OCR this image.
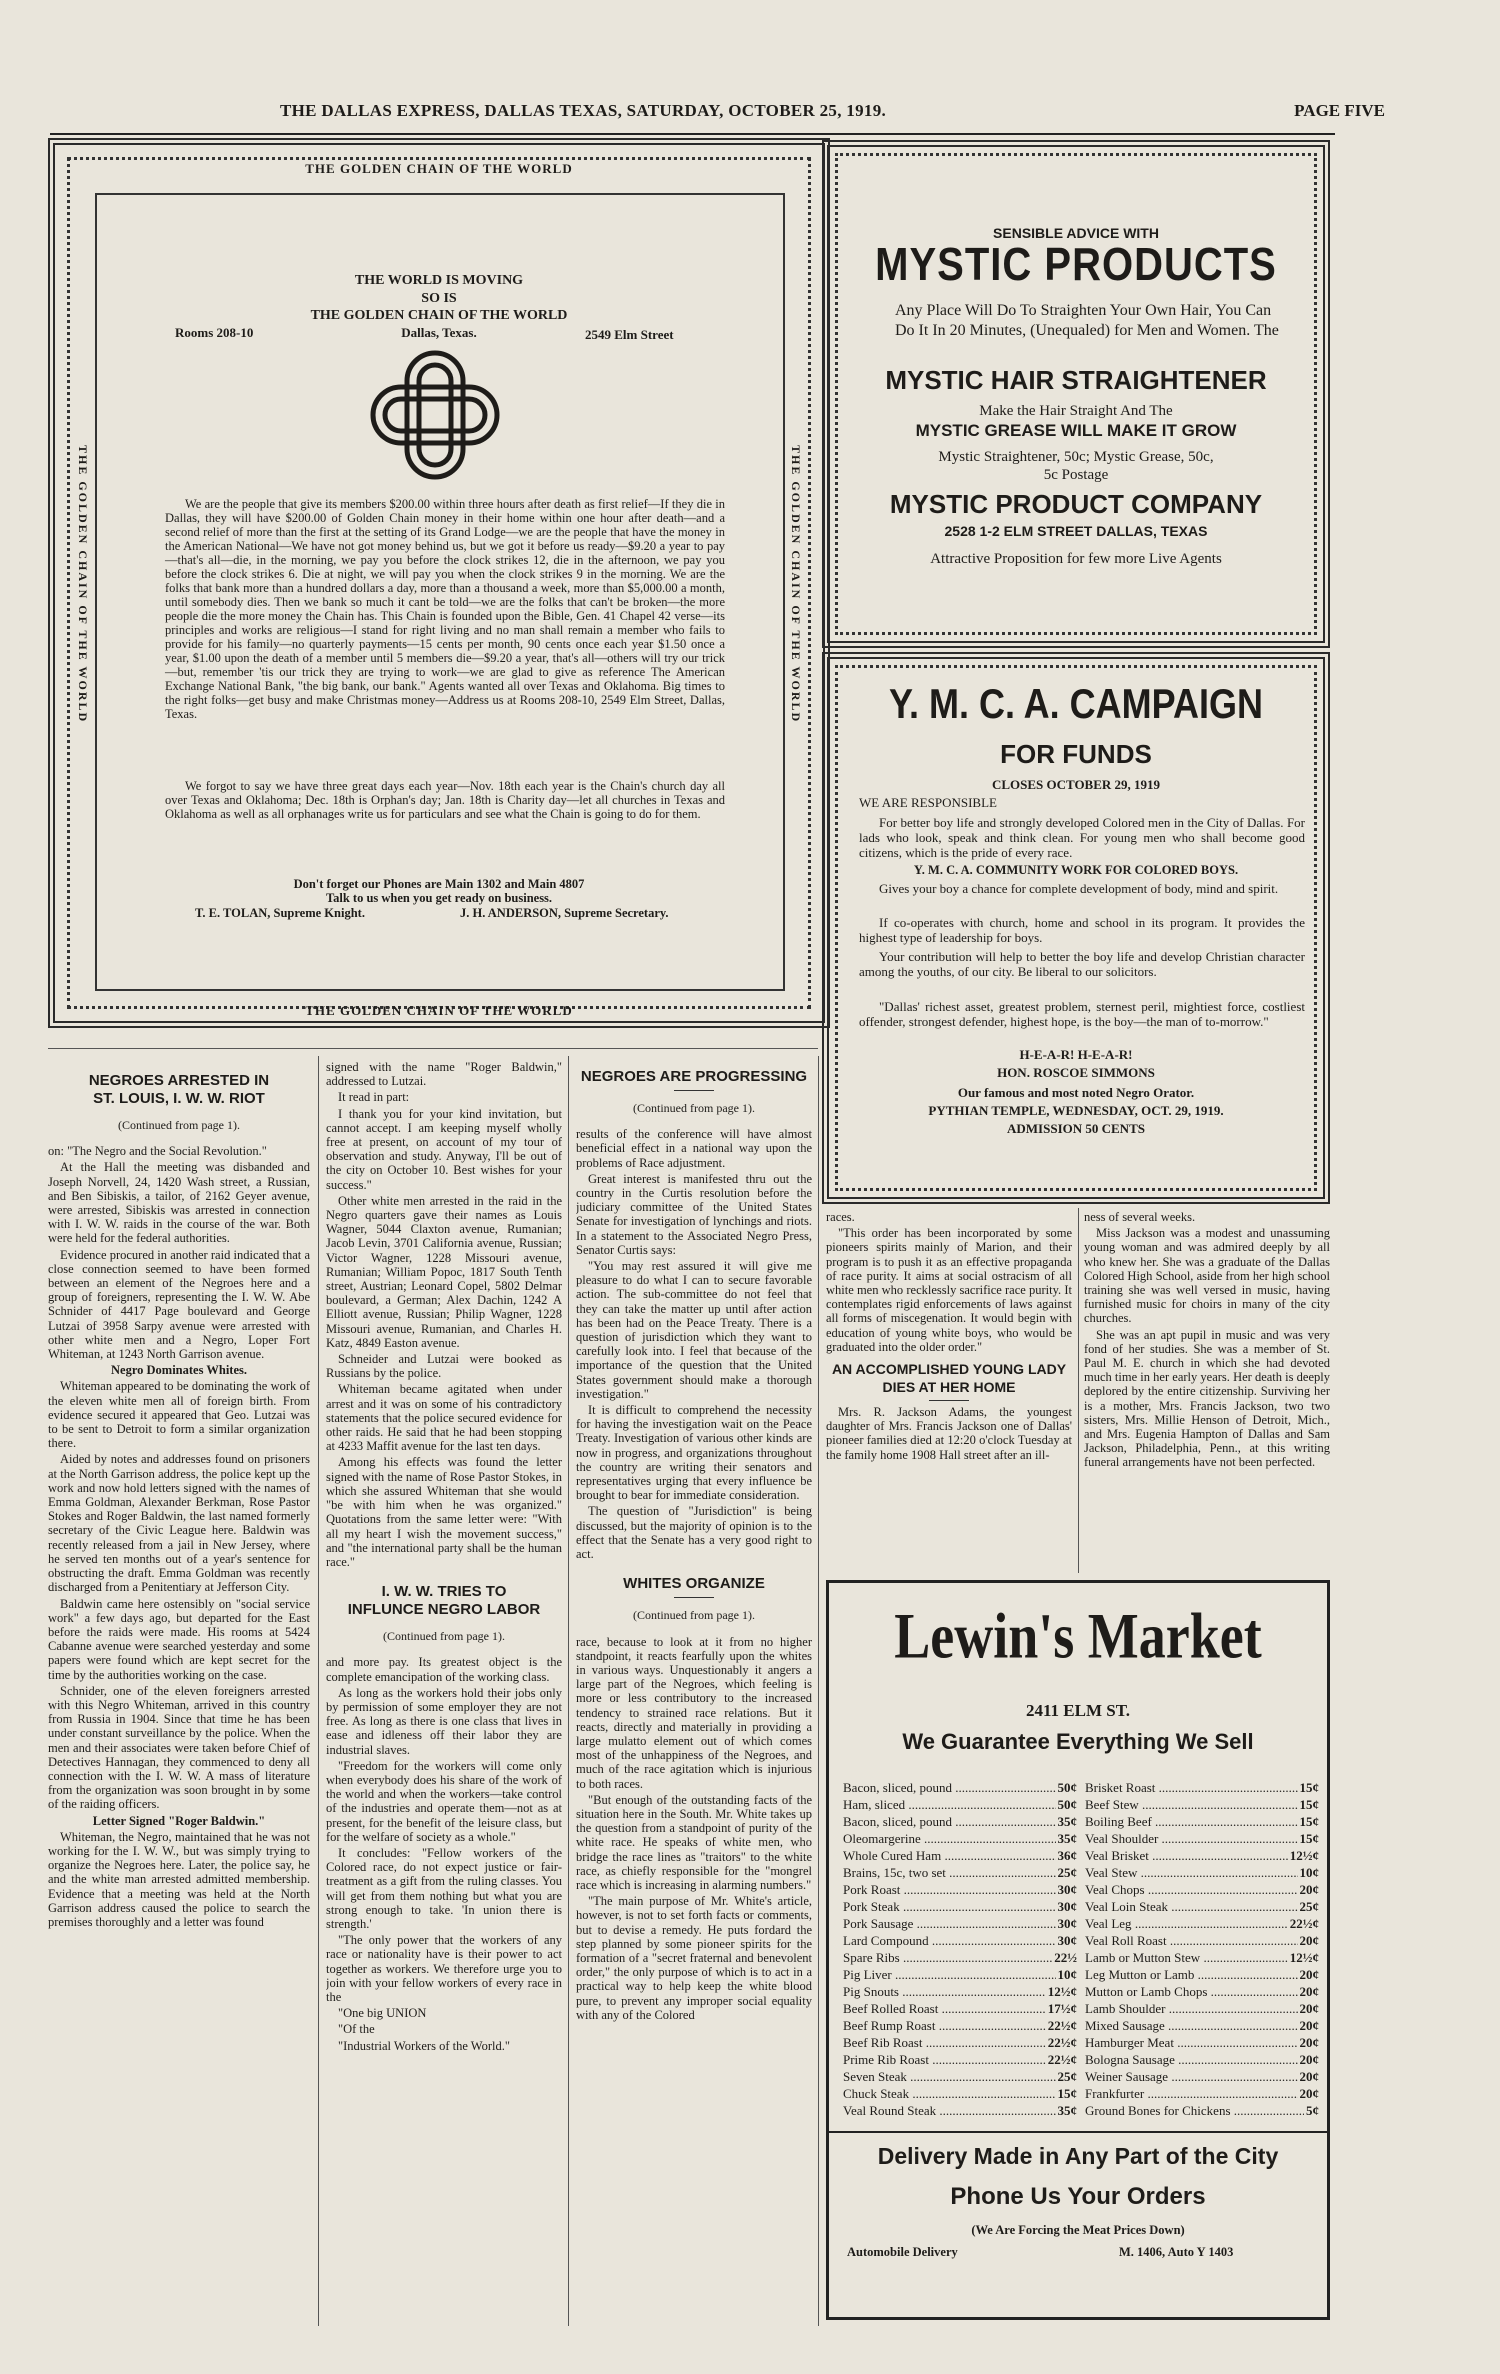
THE DALLAS EXPRESS, DALLAS TEXAS, SATURDAY, OCTOBER 25, 1919.	PAGE FIVE
THE GOLDEN CHAIN OF THE WORLD
THE GOLDEN CHAIN OF THE WORLD
THE GOLDEN CHAIN OF THE WORLD	THE GOLDEN CHAIN OF THE WORLD
THE WORLD IS MOVING
SO IS
THE GOLDEN CHAIN OF THE WORLD
Rooms 208-10	Dallas, Texas.	2549 Elm Street
We are the people that give its members $200.00 within three hours after death as first relief—If they die in Dallas, they will have $200.00 of Golden Chain money in their home within one hour after death—and a second relief of more than the first at the setting of its Grand Lodge—we are the people that have the money in the American National—We have not got money behind us, but we got it before us ready—$9.20 a year to pay—that's all—die, in the morning, we pay you before the clock strikes 12, die in the afternoon, we pay you before the clock strikes 6. Die at night, we will pay you when the clock strikes 9 in the morning. We are the folks that bank more than a hundred dollars a day, more than a thousand a week, more than $5,000.00 a month, until somebody dies. Then we bank so much it cant be told—we are the folks that can't be broken—the more people die the more money the Chain has. This Chain is founded upon the Bible, Gen. 41 Chapel 42 verse—its principles and works are religious—I stand for right living and no man shall remain a member who fails to provide for his family—no quarterly payments—15 cents per month, 90 cents once each year $1.50 once a year, $1.00 upon the death of a member until 5 members die—$9.20 a year, that's all—others will try our trick—but, remember 'tis our trick they are trying to work—we are glad to give as reference The American Exchange National Bank, "the big bank, our bank." Agents wanted all over Texas and Oklahoma. Big times to the right folks—get busy and make Christmas money—Address us at Rooms 208-10, 2549 Elm Street, Dallas, Texas.
We forgot to say we have three great days each year—Nov. 18th each year is the Chain's church day all over Texas and Oklahoma; Dec. 18th is Orphan's day; Jan. 18th is Charity day—let all churches in Texas and Oklahoma as well as all orphanages write us for particulars and see what the Chain is going to do for them.
Don't forget our Phones are Main 1302 and Main 4807
Talk to us when you get ready on business.
T. E. TOLAN, Supreme Knight.	J. H. ANDERSON, Supreme Secretary.
SENSIBLE ADVICE WITH
MYSTIC PRODUCTS
Any Place Will Do To Straighten Your Own Hair, You Can Do It In 20 Minutes, (Unequaled) for Men and Women. The
MYSTIC HAIR STRAIGHTENER
Make the Hair Straight And The
MYSTIC GREASE WILL MAKE IT GROW
Mystic Straightener, 50c; Mystic Grease, 50c,
5c Postage
MYSTIC PRODUCT COMPANY
2528 1-2 ELM STREET DALLAS, TEXAS
Attractive Proposition for few more Live Agents
Y. M. C. A. CAMPAIGN
FOR FUNDS
CLOSES OCTOBER 29, 1919
WE ARE RESPONSIBLE
For better boy life and strongly developed Colored men in the City of Dallas. For lads who look, speak and think clean. For young men who shall become good citizens, which is the pride of every race.
Y. M. C. A. COMMUNITY WORK FOR COLORED BOYS.
Gives your boy a chance for complete development of body, mind and spirit.
If co-operates with church, home and school in its program. It provides the highest type of leadership for boys.
Your contribution will help to better the boy life and develop Christian character among the youths, of our city. Be liberal to our solicitors.
"Dallas' richest asset, greatest problem, sternest peril, mightiest force, costliest offender, strongest defender, highest hope, is the boy—the man of to-morrow."
H-E-A-R! H-E-A-R!
HON. ROSCOE SIMMONS
Our famous and most noted Negro Orator.
PYTHIAN TEMPLE, WEDNESDAY, OCT. 29, 1919.
ADMISSION 50 CENTS
NEGROES ARRESTED IN
ST. LOUIS, I. W. W. RIOT
(Continued from page 1).

on: "The Negro and the Social Revolution."

At the Hall the meeting was disbanded and Joseph Norvell, 24, 1420 Wash street, a Russian, and Ben Sibiskis, a tailor, of 2162 Geyer avenue, were arrested, Sibiskis was arrested in connection with I. W. W. raids in the course of the war. Both were held for the federal authorities.

Evidence procured in another raid indicated that a close connection seemed to have been formed between an element of the Negroes here and a group of foreigners, representing the I. W. W. Abe Schnider of 4417 Page boulevard and George Lutzai of 3958 Sarpy avenue were arrested with other white men and a Negro, Loper Fort Whiteman, at 1243 North Garrison avenue.

Negro Dominates Whites.

Whiteman appeared to be dominating the work of the eleven white men all of foreign birth. From evidence secured it appeared that Geo. Lutzai was to be sent to Detroit to form a similar organization there.

Aided by notes and addresses found on prisoners at the North Garrison address, the police kept up the work and now hold letters signed with the names of Emma Goldman, Alexander Berkman, Rose Pastor Stokes and Roger Baldwin, the last named formerly secretary of the Civic League here. Baldwin was recently released from a jail in New Jersey, where he served ten months out of a year's sentence for obstructing the draft. Emma Goldman was recently discharged from a Penitentiary at Jefferson City.

Baldwin came here ostensibly on "social service work" a few days ago, but departed for the East before the raids were made. His rooms at 5424 Cabanne avenue were searched yesterday and some papers were found which are kept secret for the time by the authorities working on the case.

Schnider, one of the eleven foreigners arrested with this Negro Whiteman, arrived in this country from Russia in 1904. Since that time he has been under constant surveillance by the police. When the men and their associates were taken before Chief of Detectives Hannagan, they commenced to deny all connection with the I. W. W. A mass of literature from the organization was soon brought in by some of the raiding officers.

Letter Signed "Roger Baldwin."

Whiteman, the Negro, maintained that he was not working for the I. W. W., but was simply trying to organize the Negroes here. Later, the police say, he and the white man arrested admitted membership. Evidence that a meeting was held at the North Garrison address caused the police to search the premises thoroughly and a letter was found

signed with the name "Roger Baldwin," addressed to Lutzai.

It read in part:

I thank you for your kind invitation, but cannot accept. I am keeping myself wholly free at present, on account of my tour of observation and study. Anyway, I'll be out of the city on October 10. Best wishes for your success."

Other white men arrested in the raid in the Negro quarters gave their names as Louis Wagner, 5044 Claxton avenue, Rumanian; Jacob Levin, 3701 California avenue, Russian; Victor Wagner, 1228 Missouri avenue, Rumanian; William Popoc, 1817 South Tenth street, Austrian; Leonard Copel, 5802 Delmar boulevard, a German; Alex Dachin, 1242 A Elliott avenue, Russian; Philip Wagner, 1228 Missouri avenue, Rumanian, and Charles H. Katz, 4849 Easton avenue.

Schneider and Lutzai were booked as Russians by the police.

Whiteman became agitated when under arrest and it was on some of his contradictory statements that the police secured evidence for other raids. He said that he had been stopping at 4233 Maffit avenue for the last ten days.

Among his effects was found the letter signed with the name of Rose Pastor Stokes, in which she assured Whiteman that she would "be with him when he was organized." Quotations from the same letter were: "With all my heart I wish the movement success," and "the international party shall be the human race."

I. W. W. TRIES TO
INFLUNCE NEGRO LABOR
(Continued from page 1).

and more pay. Its greatest object is the complete emancipation of the working class.

As long as the workers hold their jobs only by permission of some employer they are not free. As long as there is one class that lives in ease and idleness off their labor they are industrial slaves.

"Freedom for the workers will come only when everybody does his share of the work of the world and when the workers—take control of the industries and operate them—not as at present, for the benefit of the leisure class, but for the welfare of society as a whole."

It concludes: "Fellow workers of the Colored race, do not expect justice or fair-treatment as a gift from the ruling classes. You will get from them nothing but what you are strong enough to take. 'In union there is strength.'

"The only power that the workers of any race or nationality have is their power to act together as workers. We therefore urge you to join with your fellow workers of every race in the

"One big UNION

"Of the

"Industrial Workers of the World."

NEGROES ARE PROGRESSING
(Continued from page 1).

results of the conference will have almost beneficial effect in a national way upon the problems of Race adjustment.

Great interest is manifested thru out the country in the Curtis resolution before the judiciary committee of the United States Senate for investigation of lynchings and riots. In a statement to the Associated Negro Press, Senator Curtis says:

"You may rest assured it will give me pleasure to do what I can to secure favorable action. The sub-committee do not feel that they can take the matter up until after action has been had on the Peace Treaty. There is a question of jurisdiction which they want to carefully look into. I feel that because of the importance of the question that the United States government should make a thorough investigation."

It is difficult to comprehend the necessity for having the investigation wait on the Peace Treaty. Investigation of various other kinds are now in progress, and organizations throughout the country are writing their senators and representatives urging that every influence be brought to bear for immediate consideration.

The question of "Jurisdiction" is being discussed, but the majority of opinion is to the effect that the Senate has a very good right to act.

WHITES ORGANIZE
(Continued from page 1).

race, because to look at it from no higher standpoint, it reacts fearfully upon the whites in various ways. Unquestionably it angers a large part of the Negroes, which feeling is more or less contributory to the increased tendency to strained race relations. But it reacts, directly and materially in providing a large mulatto element out of which comes most of the unhappiness of the Negroes, and much of the race agitation which is injurious to both races.

"But enough of the outstanding facts of the situation here in the South. Mr. White takes up the question from a standpoint of purity of the white race. He speaks of white men, who bridge the race lines as "traitors" to the white race, as chiefly responsible for the "mongrel race which is increasing in alarming numbers."

"The main purpose of Mr. White's article, however, is not to set forth facts or comments, but to devise a remedy. He puts fordard the step planned by some pioneer spirits for the formation of a "secret fraternal and benevolent order," the only purpose of which is to act in a practical way to help keep the white blood pure, to prevent any improper social equality with any of the Colored

races.

"This order has been incorporated by some pioneers spirits mainly of Marion, and their program is to push it as an effective propaganda of race purity. It aims at social ostracism of all white men who recklessly sacrifice race purity. It contemplates rigid enforcements of laws against all forms of miscegenation. It would begin with education of young white boys, who would be graduated into the older order."

AN ACCOMPLISHED YOUNG LADY
DIES AT HER HOME

Mrs. R. Jackson Adams, the youngest daughter of Mrs. Francis Jackson one of Dallas' pioneer families died at 12:20 o'clock Tuesday at the family home 1908 Hall street after an ill-

ness of several weeks.

Miss Jackson was a modest and unassuming young woman and was admired deeply by all who knew her. She was a graduate of the Dallas Colored High School, aside from her high school training she was well versed in music, having furnished music for choirs in many of the city churches.

She was an apt pupil in music and was very fond of her studies. She was a member of St. Paul M. E. church in which she had devoted much time in her early years. Her death is deeply deplored by the entire citizenship. Surviving her is a mother, Mrs. Francis Jackson, two two sisters, Mrs. Millie Henson of Detroit, Mich., and Mrs. Eugenia Hampton of Dallas and Sam Jackson, Philadelphia, Penn., at this writing funeral arrangements have not been perfected.

Lewin's Market
2411 ELM ST.
We Guarantee Everything We Sell
Bacon, sliced, pound .....	50¢
Ham, sliced .....	50¢
Bacon, sliced, pound .....	35¢
Oleomargerine .....	35¢
Whole Cured Ham .....	36¢
Brains, 15c, two set .....	25¢
Pork Roast .....	30¢
Pork Steak .....	30¢
Pork Sausage .....	30¢
Lard Compound .....	30¢
Spare Ribs .....	22½
Pig Liver .....	10¢
Pig Snouts .....	12½¢
Beef Rolled Roast .....	17½¢
Beef Rump Roast .....	22½¢
Beef Rib Roast .....	22½¢
Prime Rib Roast .....	22½¢
Seven Steak .....	25¢
Chuck Steak .....	15¢
Veal Round Steak .....	35¢
Brisket Roast .....	15¢
Beef Stew .....	15¢
Boiling Beef .....	15¢
Veal Shoulder .....	15¢
Veal Brisket .....	12½¢
Veal Stew .....	10¢
Veal Chops .....	20¢
Veal Loin Steak .....	25¢
Veal Leg .....	22½¢
Veal Roll Roast .....	20¢
Lamb or Mutton Stew .....	12½¢
Leg Mutton or Lamb .....	20¢
Mutton or Lamb Chops .....	20¢
Lamb Shoulder .....	20¢
Mixed Sausage .....	20¢
Hamburger Meat .....	20¢
Bologna Sausage .....	20¢
Weiner Sausage .....	20¢
Frankfurter .....	20¢
Ground Bones for Chickens .....	5¢
Delivery Made in Any Part of the City
Phone Us Your Orders
(We Are Forcing the Meat Prices Down)
Automobile Delivery	M. 1406, Auto Y 1403
